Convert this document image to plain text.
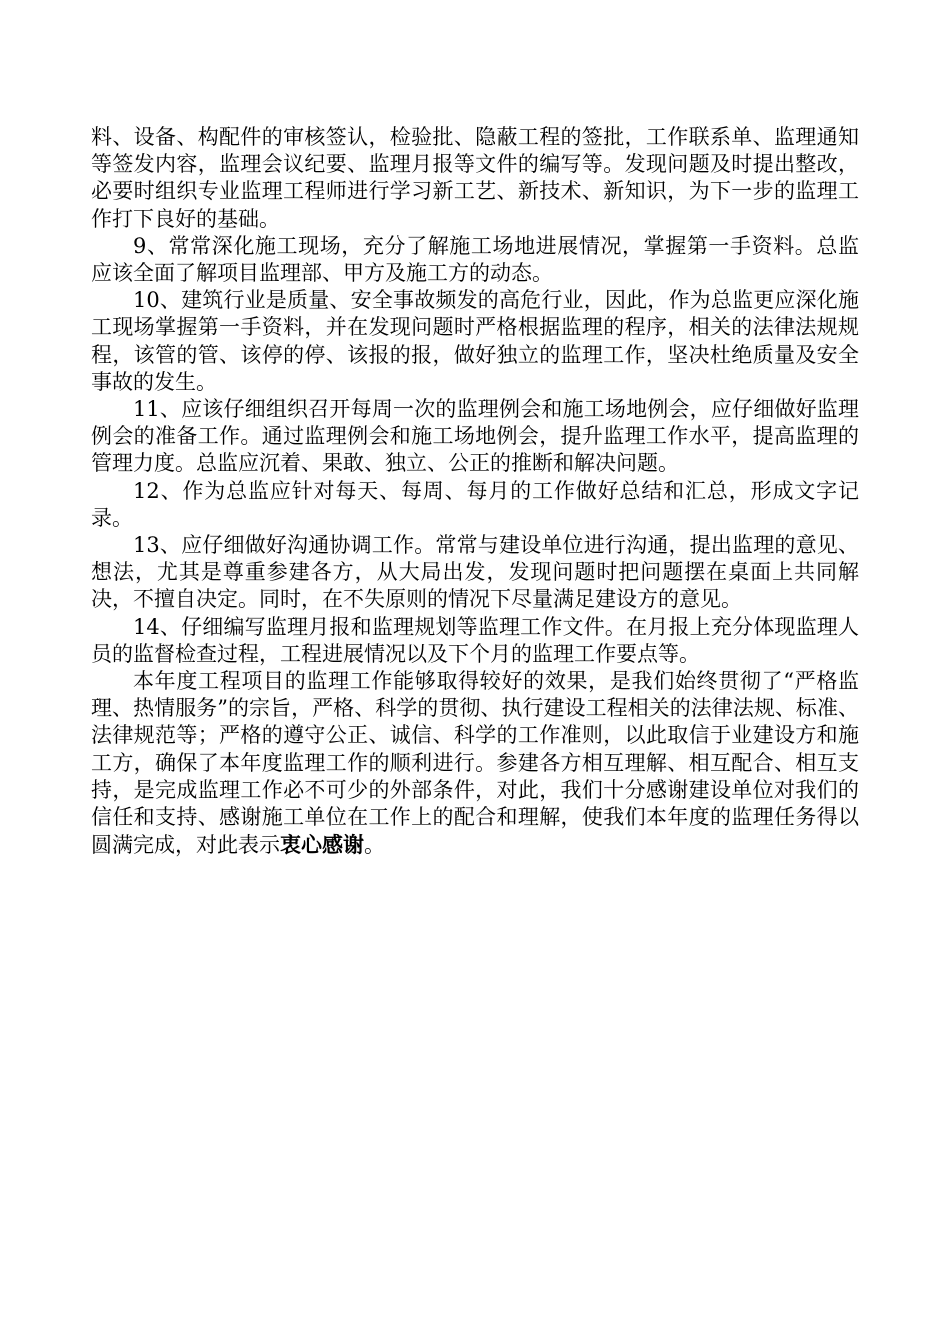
料、设备、构配件的审核签认，检验批、隐蔽工程的签批，工作联系单、监理通知等签发内容，监理会议纪要、监理月报等文件的编写等。发现问题及时提出整改，必要时组织专业监理工程师进行学习新工艺、新技术、新知识，为下一步的监理工作打下良好的基础。

9、常常深化施工现场，充分了解施工场地进展情况，掌握第一手资料。总监应该全面了解项目监理部、甲方及施工方的动态。

10、建筑行业是质量、安全事故频发的高危行业，因此，作为总监更应深化施工现场掌握第一手资料，并在发现问题时严格根据监理的程序，相关的法律法规规程，该管的管、该停的停、该报的报，做好独立的监理工作，坚决杜绝质量及安全事故的发生。

11、应该仔细组织召开每周一次的监理例会和施工场地例会，应仔细做好监理例会的准备工作。通过监理例会和施工场地例会，提升监理工作水平，提高监理的管理力度。总监应沉着、果敢、独立、公正的推断和解决问题。

12、作为总监应针对每天、每周、每月的工作做好总结和汇总，形成文字记录。

13、应仔细做好沟通协调工作。常常与建设单位进行沟通，提出监理的意见、想法，尤其是尊重参建各方，从大局出发，发现问题时把问题摆在桌面上共同解决，不擅自决定。同时，在不失原则的情况下尽量满足建设方的意见。

14、仔细编写监理月报和监理规划等监理工作文件。在月报上充分体现监理人员的监督检查过程，工程进展情况以及下个月的监理工作要点等。

本年度工程项目的监理工作能够取得较好的效果，是我们始终贯彻了“严格监理、热情服务”的宗旨，严格、科学的贯彻、执行建设工程相关的法律法规、标准、法律规范等；严格的遵守公正、诚信、科学的工作准则，以此取信于业建设方和施工方，确保了本年度监理工作的顺利进行。参建各方相互理解、相互配合、相互支持，是完成监理工作必不可少的外部条件，对此，我们十分感谢建设单位对我们的信任和支持、感谢施工单位在工作上的配合和理解，使我们本年度的监理任务得以圆满完成，对此表示衷心感谢。
